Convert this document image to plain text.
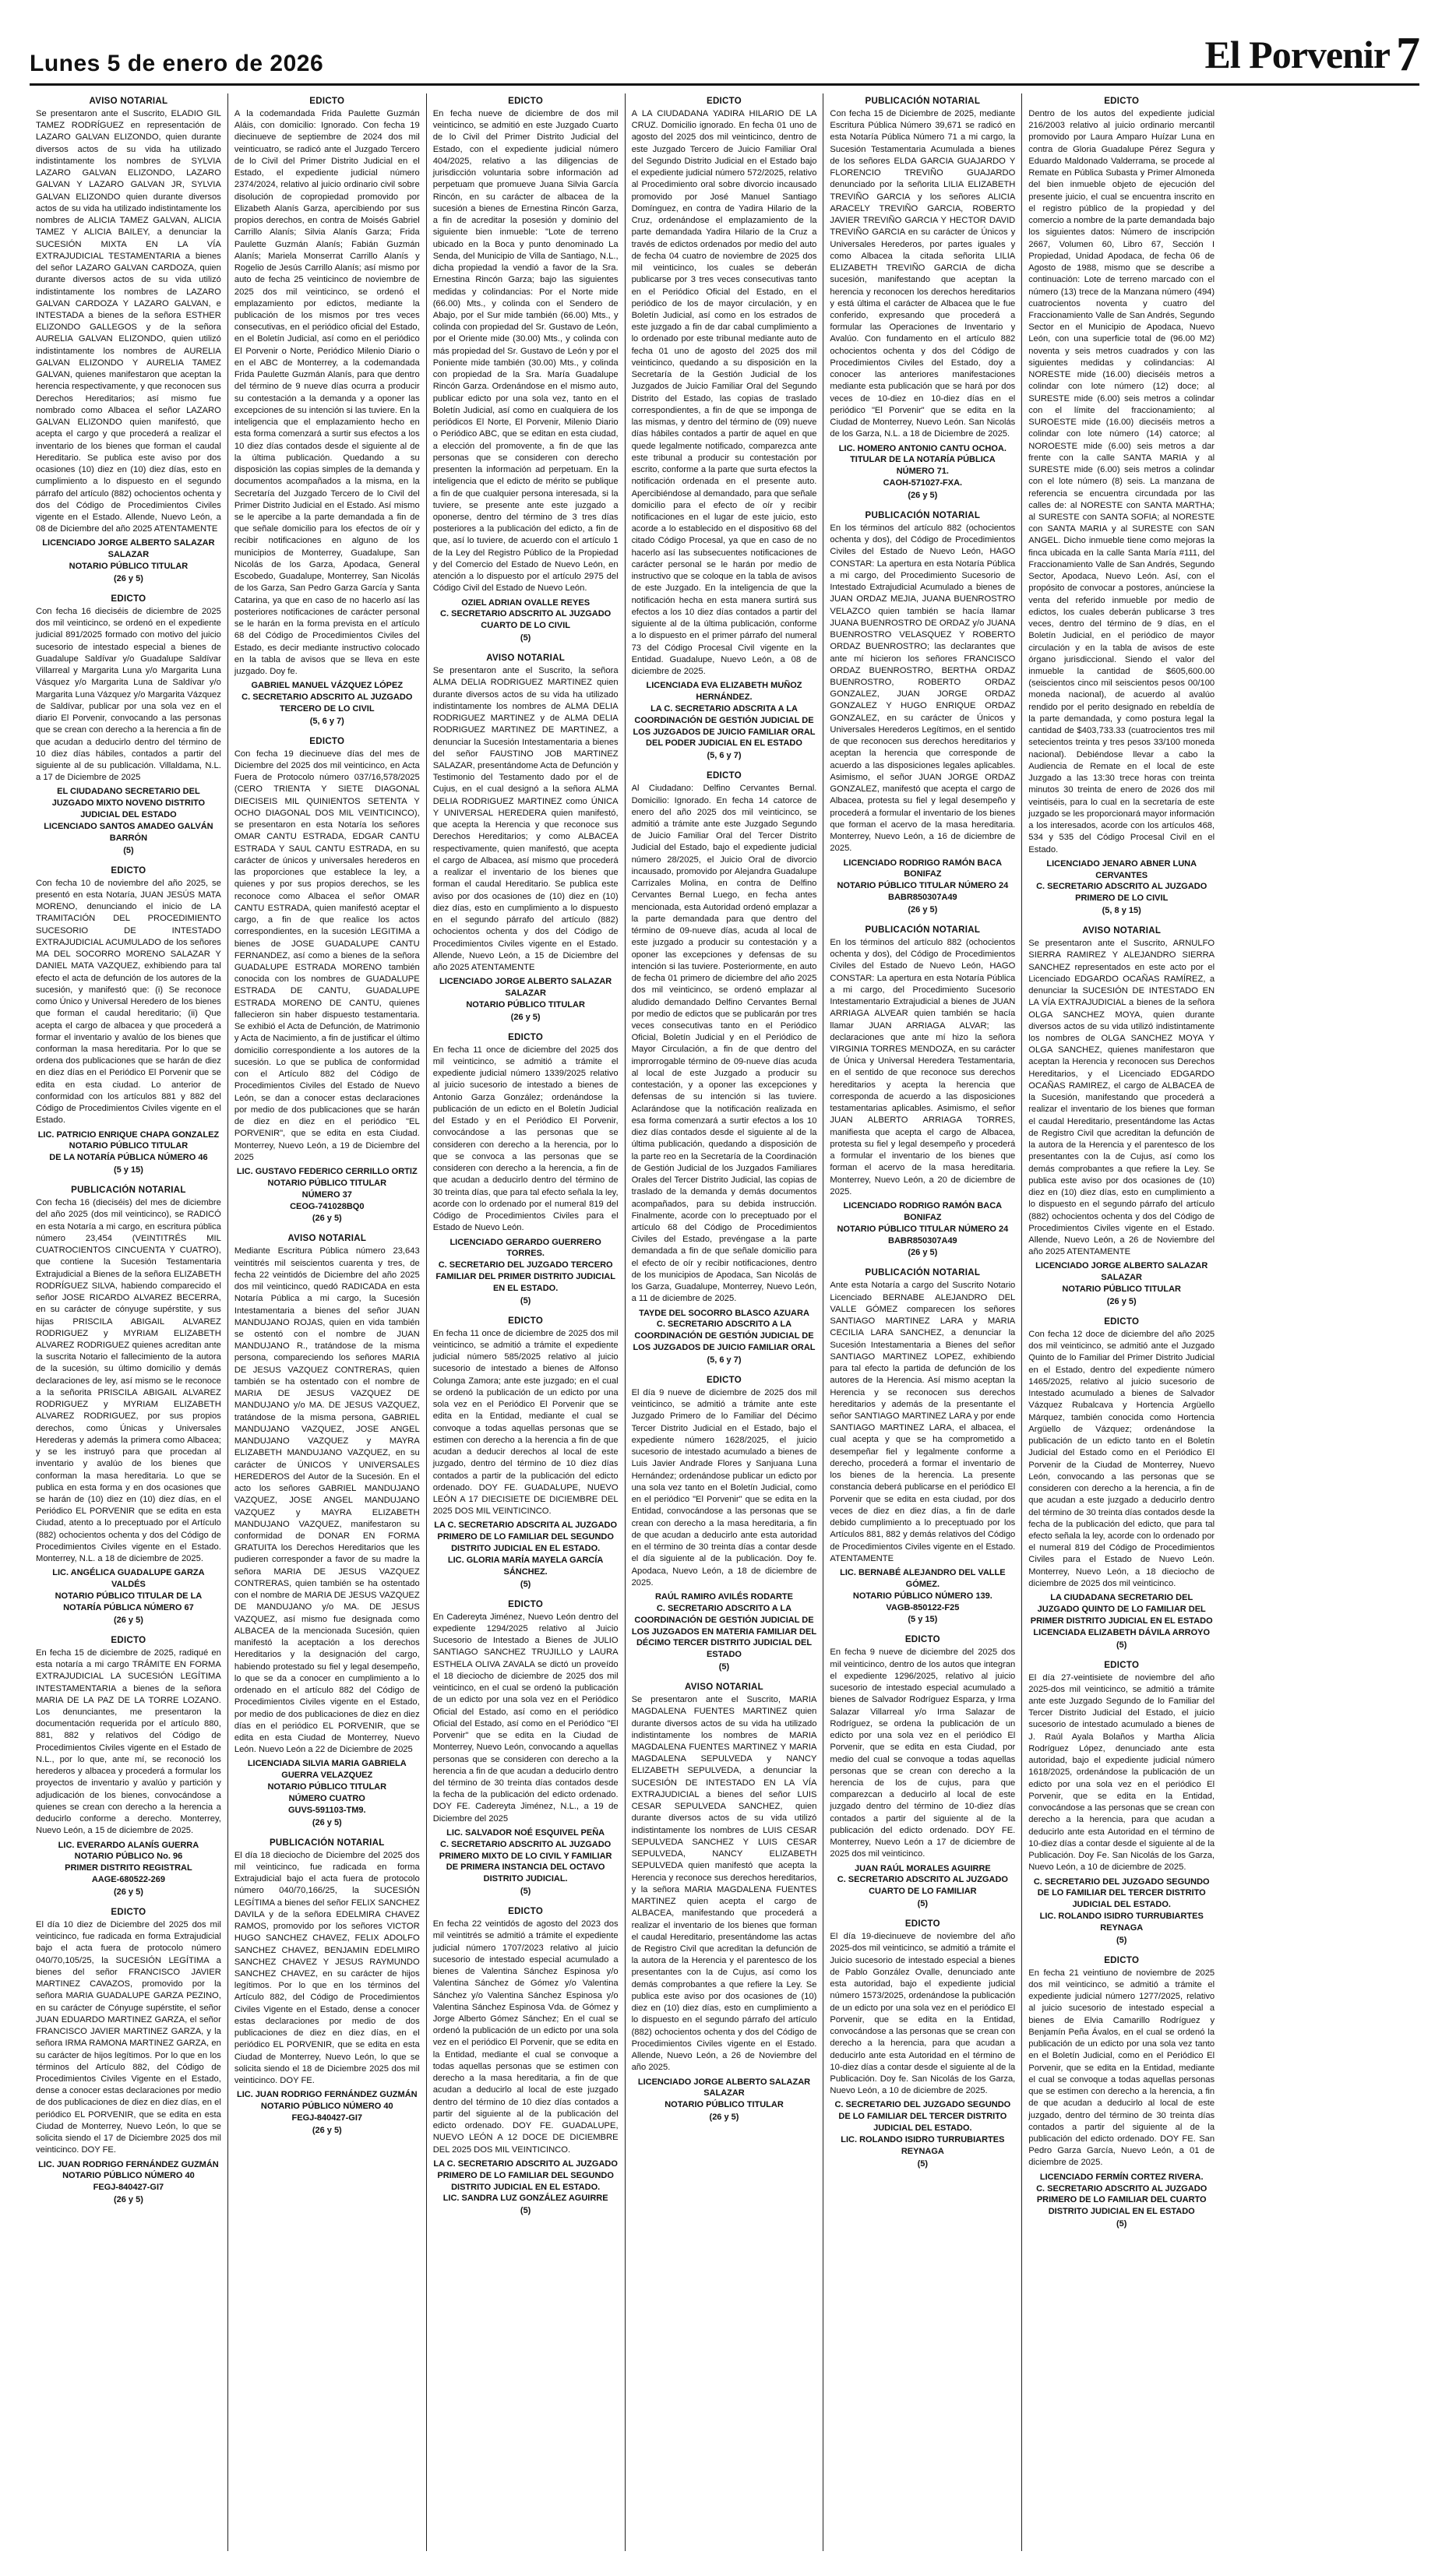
Lunes 5 de enero de 2026	El Porvenir 7
AVISO NOTARIAL

Se presentaron ante el Suscrito, ELADIO GIL TAMEZ RODRÍGUEZ en representación de LAZARO GALVAN ELIZONDO, quien durante diversos actos de su vida ha utilizado indistintamente los nombres de SYLVIA LAZARO GALVAN ELIZONDO, LAZARO GALVAN Y LAZARO GALVAN JR, SYLVIA GALVAN ELIZONDO quien durante diversos actos de su vida ha utilizado indistintamente los nombres de ALICIA TAMEZ GALVAN, ALICIA TAMEZ Y ALICIA BAILEY, a denunciar la SUCESIÓN MIXTA EN LA VÍA EXTRAJUDICIAL TESTAMENTARIA a bienes del señor LAZARO GALVAN CARDOZA, quien durante diversos actos de su vida utilizó indistintamente los nombres de LAZARO GALVAN CARDOZA Y LAZARO GALVAN, e INTESTADA a bienes de la señora ESTHER ELIZONDO GALLEGOS y de la señora AURELIA GALVAN ELIZONDO, quien utilizó indistintamente los nombres de AURELIA GALVAN ELIZONDO Y AURELIA TAMEZ GALVAN, quienes manifestaron que aceptan la herencia respectivamente, y que reconocen sus Derechos Hereditarios; así mismo fue nombrado como Albacea el señor LAZARO GALVAN ELIZONDO quien manifestó, que acepta el cargo y que procederá a realizar el inventario de los bienes que forman el caudal Hereditario. Se publica este aviso por dos ocasiones (10) diez en (10) diez días, esto en cumplimiento a lo dispuesto en el segundo párrafo del artículo (882) ochocientos ochenta y dos del Código de Procedimientos Civiles vigente en el Estado. Allende, Nuevo León, a 08 de Diciembre del año 2025 ATENTAMENTE

LICENCIADO JORGE ALBERTO SALAZAR SALAZAR
NOTARIO PÚBLICO TITULAR
(26 y 5)
EDICTO

Con fecha 16 dieciséis de diciembre de 2025 dos mil veinticinco, se ordenó en el expediente judicial 891/2025 formado con motivo del juicio sucesorio de intestado especial a bienes de Guadalupe Saldívar y/o Guadalupe Saldívar Villarreal y Margarita Luna y/o Margarita Luna Vásquez y/o Margarita Luna de Saldívar y/o Margarita Luna Vázquez y/o Margarita Vázquez de Saldívar, publicar por una sola vez en el diario El Porvenir, convocando a las personas que se crean con derecho a la herencia a fin de que acudan a deducirlo dentro del término de 10 diez días hábiles, contados a partir del siguiente al de su publicación. Villaldama, N.L. a 17 de Diciembre de 2025

EL CIUDADANO SECRETARIO DEL JUZGADO MIXTO NOVENO DISTRITO JUDICIAL DEL ESTADO
LICENCIADO SANTOS AMADEO GALVÁN BARRÓN
(5)
EDICTO

Con fecha 10 de noviembre del año 2025, se presentó en esta Notaría, JUAN JESÚS MATA MORENO, denunciando el inicio de LA TRAMITACIÓN DEL PROCEDIMIENTO SUCESORIO DE INTESTADO EXTRAJUDICIAL ACUMULADO de los señores MA DEL SOCORRO MORENO SALAZAR Y DANIEL MATA VAZQUEZ, exhibiendo para tal efecto el acta de defunción de los autores de la sucesión, y manifestó que: (i) Se reconoce como Único y Universal Heredero de los bienes que forman el caudal hereditario; (ii) Que acepta el cargo de albacea y que procederá a formar el inventario y avalúo de los bienes que conforman la masa hereditaria. Por lo que se ordena dos publicaciones que se harán de diez en diez días en el Periódico El Porvenir que se edita en esta ciudad. Lo anterior de conformidad con los artículos 881 y 882 del Código de Procedimientos Civiles vigente en el Estado.

LIC. PATRICIO ENRIQUE CHAPA GONZALEZ
NOTARIO PÚBLICO TITULAR
DE LA NOTARÍA PÚBLICA NÚMERO 46
(5 y 15)
PUBLICACIÓN NOTARIAL

Con fecha 16 (dieciséis) del mes de diciembre del año 2025 (dos mil veinticinco), se RADICÓ en esta Notaría a mi cargo, en escritura pública número 23,454 (VEINTITRÉS MIL CUATROCIENTOS CINCUENTA Y CUATRO), que contiene la Sucesión Testamentaria Extrajudicial a Bienes de la señora ELIZABETH RODRÍGUEZ SILVA, habiendo comparecido el señor JOSE RICARDO ALVAREZ BECERRA, en su carácter de cónyuge supérstite, y sus hijas PRISCILA ABIGAIL ALVAREZ RODRIGUEZ y MYRIAM ELIZABETH ALVAREZ RODRIGUEZ quienes acreditan ante la suscrita Notario el fallecimiento de la autora de la sucesión, su último domicilio y demás declaraciones de ley, así mismo se le reconoce a la señorita PRISCILA ABIGAIL ALVAREZ RODRIGUEZ y MYRIAM ELIZABETH ALVAREZ RODRIGUEZ, por sus propios derechos, como Únicas y Universales Herederas y además la primera como Albacea; y se les instruyó para que procedan al inventario y avalúo de los bienes que conforman la masa hereditaria. Lo que se publica en esta forma y en dos ocasiones que se harán de (10) diez en (10) diez días, en el Periódico EL PORVENIR que se edita en esta Ciudad, atento a lo preceptuado por el Artículo (882) ochocientos ochenta y dos del Código de Procedimientos Civiles vigente en el Estado. Monterrey, N.L. a 18 de diciembre de 2025.

LIC. ANGÉLICA GUADALUPE GARZA VALDÉS
NOTARIO PÚBLICO TITULAR DE LA NOTARÍA PÚBLICA NÚMERO 67
(26 y 5)
EDICTO

En fecha 15 de diciembre de 2025, radiqué en esta notaría a mi cargo TRÁMITE EN FORMA EXTRAJUDICIAL LA SUCESIÓN LEGÍTIMA INTESTAMENTARIA a bienes de la señora MARIA DE LA PAZ DE LA TORRE LOZANO. Los denunciantes, me presentaron la documentación requerida por el artículo 880, 881, 882 y relativos del Código de Procedimientos Civiles vigente en el Estado de N.L., por lo que, ante mí, se reconoció los herederos y albacea y procederá a formular los proyectos de inventario y avalúo y partición y adjudicación de los bienes, convocándose a quienes se crean con derecho a la herencia a deducirlo conforme a derecho. Monterrey, Nuevo León, a 15 de diciembre de 2025.

LIC. EVERARDO ALANÍS GUERRA
NOTARIO PÚBLICO No. 96
PRIMER DISTRITO REGISTRAL
AAGE-680522-269
(26 y 5)
EDICTO

El día 10 diez de Diciembre del 2025 dos mil veinticinco, fue radicada en forma Extrajudicial bajo el acta fuera de protocolo número 040/70,105/25, la SUCESIÓN LEGÍTIMA a bienes del señor FRANCISCO JAVIER MARTINEZ CAVAZOS, promovido por la señora MARIA GUADALUPE GARZA PEZINO, en su carácter de Cónyuge supérstite, el señor JUAN EDUARDO MARTINEZ GARZA, el señor FRANCISCO JAVIER MARTINEZ GARZA, y la señora IRMA RAMONA MARTINEZ GARZA, en su carácter de hijos legítimos. Por lo que en los términos del Artículo 882, del Código de Procedimientos Civiles Vigente en el Estado, dense a conocer estas declaraciones por medio de dos publicaciones de diez en diez días, en el periódico EL PORVENIR, que se edita en esta Ciudad de Monterrey, Nuevo León, lo que se solicita siendo el 17 de Diciembre 2025 dos mil veinticinco. DOY FE.

LIC. JUAN RODRIGO FERNÁNDEZ GUZMÁN
NOTARIO PÚBLICO NÚMERO 40
FEGJ-840427-GI7
(26 y 5)
EDICTO

A la codemandada Frida Paulette Guzmán Aláis, con domicilio: Ignorado. Con fecha 19 diecinueve de septiembre de 2024 dos mil veinticuatro, se radicó ante el Juzgado Tercero de lo Civil del Primer Distrito Judicial en el Estado, el expediente judicial número 2374/2024, relativo al juicio ordinario civil sobre disolución de copropiedad promovido por Elizabeth Alanís Garza, apercibiendo por sus propios derechos, en contra de Moisés Gabriel Carrillo Alanís; Silvia Alanís Garza; Frida Paulette Guzmán Alanís; Fabián Guzmán Alanís; Mariela Monserrat Carrillo Alanís y Rogelio de Jesús Carrillo Alanís; así mismo por auto de fecha 25 veinticinco de noviembre de 2025 dos mil veinticinco, se ordenó el emplazamiento por edictos, mediante la publicación de los mismos por tres veces consecutivas, en el periódico oficial del Estado, en el Boletín Judicial, así como en el periódico El Porvenir o Norte, Periódico Milenio Diario o en el ABC de Monterrey, a la codemandada Frida Paulette Guzmán Alanís, para que dentro del término de 9 nueve días ocurra a producir su contestación a la demanda y a oponer las excepciones de su intención si las tuviere. En la inteligencia que el emplazamiento hecho en esta forma comenzará a surtir sus efectos a los 10 diez días contados desde el siguiente al de la última publicación. Quedando a su disposición las copias simples de la demanda y documentos acompañados a la misma, en la Secretaría del Juzgado Tercero de lo Civil del Primer Distrito Judicial en el Estado. Así mismo se le apercibe a la parte demandada a fin de que señale domicilio para los efectos de oír y recibir notificaciones en alguno de los municipios de Monterrey, Guadalupe, San Nicolás de los Garza, Apodaca, General Escobedo, Guadalupe, Monterrey, San Nicolás de los Garza, San Pedro Garza García y Santa Catarina, ya que en caso de no hacerlo así las posteriores notificaciones de carácter personal se le harán en la forma prevista en el artículo 68 del Código de Procedimientos Civiles del Estado, es decir mediante instructivo colocado en la tabla de avisos que se lleva en este juzgado. Doy fe.

GABRIEL MANUEL VÁZQUEZ LÓPEZ
C. SECRETARIO ADSCRITO AL JUZGADO TERCERO DE LO CIVIL
(5, 6 y 7)
EDICTO

Con fecha 19 diecinueve días del mes de Diciembre del 2025 dos mil veinticinco, en Acta Fuera de Protocolo número 037/16,578/2025 (CERO TRIENTA Y SIETE DIAGONAL DIECISEIS MIL QUINIENTOS SETENTA Y OCHO DIAGONAL DOS MIL VEINTICINCO), se presentaron en esta Notaría los señores OMAR CANTU ESTRADA, EDGAR CANTU ESTRADA Y SAUL CANTU ESTRADA, en su carácter de únicos y universales herederos en las proporciones que establece la ley, a quienes y por sus propios derechos, se les reconoce como Albacea el señor OMAR CANTU ESTRADA, quien manifestó aceptar el cargo, a fin de que realice los actos correspondientes, en la sucesión LEGITIMA a bienes de JOSE GUADALUPE CANTU FERNANDEZ, así como a bienes de la señora GUADALUPE ESTRADA MORENO también conocida con los nombres de GUADALUPE ESTRADA DE CANTU, GUADALUPE ESTRADA MORENO DE CANTU, quienes fallecieron sin haber dispuesto testamentaria. Se exhibió el Acta de Defunción, de Matrimonio y Acta de Nacimiento, a fin de justificar el último domicilio correspondiente a los autores de la sucesión. Lo que se publica de conformidad con el Artículo 882 del Código de Procedimientos Civiles del Estado de Nuevo León, se dan a conocer estas declaraciones por medio de dos publicaciones que se harán de diez en diez en el periódico "EL PORVENIR", que se edita en esta Ciudad. Monterrey, Nuevo León, a 19 de Diciembre del 2025

LIC. GUSTAVO FEDERICO CERRILLO ORTIZ
NOTARIO PÚBLICO TITULAR
NÚMERO 37
CEOG-741028BQ0
(26 y 5)
AVISO NOTARIAL

Mediante Escritura Pública número 23,643 veintitrés mil seiscientos cuarenta y tres, de fecha 22 veintidós de Diciembre del año 2025 dos mil veinticinco, quedó RADICADA en esta Notaría Pública a mi cargo, la Sucesión Intestamentaria a bienes del señor JUAN MANDUJANO ROJAS, quien en vida también se ostentó con el nombre de JUAN MANDUJANO R., tratándose de la misma persona, compareciendo los señores MARIA DE JESUS VAZQUEZ CONTRERAS, quien también se ha ostentado con el nombre de MARIA DE JESUS VAZQUEZ DE MANDUJANO y/o MA. DE JESUS VAZQUEZ, tratándose de la misma persona, GABRIEL MANDUJANO VAZQUEZ, JOSE ANGEL MANDUJANO VAZQUEZ y MAYRA ELIZABETH MANDUJANO VAZQUEZ, en su carácter de ÚNICOS Y UNIVERSALES HEREDEROS del Autor de la Sucesión. En el acto los señores GABRIEL MANDUJANO VAZQUEZ, JOSE ANGEL MANDUJANO VAZQUEZ y MAYRA ELIZABETH MANDUJANO VAZQUEZ, manifestaron su conformidad de DONAR EN FORMA GRATUITA los Derechos Hereditarios que les pudieren corresponder a favor de su madre la señora MARIA DE JESUS VAZQUEZ CONTRERAS, quien también se ha ostentado con el nombre de MARIA DE JESUS VAZQUEZ DE MANDUJANO y/o MA. DE JESUS VAZQUEZ, así mismo fue designada como ALBACEA de la mencionada Sucesión, quien manifestó la aceptación a los derechos Hereditarios y la designación del cargo, habiendo protestado su fiel y legal desempeño, lo que se da a conocer en cumplimiento a lo ordenado en el artículo 882 del Código de Procedimientos Civiles vigente en el Estado, por medio de dos publicaciones de diez en diez días en el periódico EL PORVENIR, que se edita en esta Ciudad de Monterrey, Nuevo León. Nuevo León a 22 de Diciembre de 2025

LICENCIADA SILVIA MARIA GABRIELA GUERRA VELAZQUEZ
NOTARIO PÚBLICO TITULAR
NÚMERO CUATRO
GUVS-591103-TM9.
(26 y 5)
PUBLICACIÓN NOTARIAL

El día 18 dieciocho de Diciembre del 2025 dos mil veinticinco, fue radicada en forma Extrajudicial bajo el acta fuera de protocolo número 040/70,166/25, la SUCESIÓN LEGÍTIMA a bienes del señor FELIX SANCHEZ DAVILA y de la señora EDELMIRA CHAVEZ RAMOS, promovido por los señores VICTOR HUGO SANCHEZ CHAVEZ, FELIX ADOLFO SANCHEZ CHAVEZ, BENJAMIN EDELMIRO SANCHEZ CHAVEZ Y JESUS RAYMUNDO SANCHEZ CHAVEZ, en su carácter de hijos legítimos. Por lo que en los términos del Artículo 882, del Código de Procedimientos Civiles Vigente en el Estado, dense a conocer estas declaraciones por medio de dos publicaciones de diez en diez días, en el periódico EL PORVENIR, que se edita en esta Ciudad de Monterrey, Nuevo León, lo que se solicita siendo el 18 de Diciembre 2025 dos mil veinticinco. DOY FE.

LIC. JUAN RODRIGO FERNÁNDEZ GUZMÁN
NOTARIO PÚBLICO NÚMERO 40
FEGJ-840427-GI7
(26 y 5)
EDICTO

En fecha nueve de diciembre de dos mil veinticinco, se admitió en este Juzgado Cuarto de lo Civil del Primer Distrito Judicial del Estado, con el expediente judicial número 404/2025, relativo a las diligencias de jurisdicción voluntaria sobre información ad perpetuam que promueve Juana Silvia García Rincón, en su carácter de albacea de la sucesión a bienes de Ernestina Rincón Garza, a fin de acreditar la posesión y dominio del siguiente bien inmueble: "Lote de terreno ubicado en la Boca y punto denominado La Senda, del Municipio de Villa de Santiago, N.L., dicha propiedad la vendió a favor de la Sra. Ernestina Rincón Garza; bajo las siguientes medidas y colindancias: Por el Norte mide (66.00) Mts., y colinda con el Sendero de Abajo, por el Sur mide también (66.00) Mts., y colinda con propiedad del Sr. Gustavo de León, por el Oriente mide (30.00) Mts., y colinda con más propiedad del Sr. Gustavo de León y por el Poniente mide también (30.00) Mts., y colinda con propiedad de la Sra. María Guadalupe Rincón Garza. Ordenándose en el mismo auto, publicar edicto por una sola vez, tanto en el Boletín Judicial, así como en cualquiera de los periódicos El Norte, El Porvenir, Milenio Diario o Periódico ABC, que se editan en esta ciudad, a elección del promovente, a fin de que las personas que se consideren con derecho presenten la información ad perpetuam. En la inteligencia que el edicto de mérito se publique a fin de que cualquier persona interesada, si la tuviere, se presente ante este juzgado a oponerse, dentro del término de 3 tres días posteriores a la publicación del edicto, a fin de que, así lo tuviere, de acuerdo con el artículo 1 de la Ley del Registro Público de la Propiedad y del Comercio del Estado de Nuevo León, en atención a lo dispuesto por el artículo 2975 del Código Civil del Estado de Nuevo León.

OZIEL ADRIAN OVALLE REYES
C. SECRETARIO ADSCRITO AL JUZGADO CUARTO DE LO CIVIL
(5)
AVISO NOTARIAL

Se presentaron ante el Suscrito, la señora ALMA DELIA RODRIGUEZ MARTINEZ quien durante diversos actos de su vida ha utilizado indistintamente los nombres de ALMA DELIA RODRIGUEZ MARTINEZ y de ALMA DELIA RODRIGUEZ MARTINEZ DE MARTINEZ, a denunciar la Sucesión Intestamentaria a bienes del señor FAUSTINO JOB MARTINEZ SALAZAR, presentándome Acta de Defunción y Testimonio del Testamento dado por el de Cujus, en el cual designó a la señora ALMA DELIA RODRIGUEZ MARTINEZ como ÚNICA Y UNIVERSAL HEREDERA quien manifestó, que acepta la Herencia y que reconoce sus Derechos Hereditarios; y como ALBACEA respectivamente, quien manifestó, que acepta el cargo de Albacea, así mismo que procederá a realizar el inventario de los bienes que forman el caudal Hereditario. Se publica este aviso por dos ocasiones de (10) diez en (10) diez días, esto en cumplimiento a lo dispuesto en el segundo párrafo del artículo (882) ochocientos ochenta y dos del Código de Procedimientos Civiles vigente en el Estado. Allende, Nuevo León, a 15 de Diciembre del año 2025 ATENTAMENTE

LICENCIADO JORGE ALBERTO SALAZAR SALAZAR
NOTARIO PÚBLICO TITULAR
(26 y 5)
EDICTO

En fecha 11 once de diciembre del 2025 dos mil veinticinco, se admitió a trámite el expediente judicial número 1339/2025 relativo al juicio sucesorio de intestado a bienes de Antonio Garza González; ordenándose la publicación de un edicto en el Boletín Judicial del Estado y en el Periódico El Porvenir, convocándose a las personas que se consideren con derecho a la herencia, por lo que se convoca a las personas que se consideren con derecho a la herencia, a fin de que acudan a deducirlo dentro del término de 30 treinta días, que para tal efecto señala la ley, acorde con lo ordenado por el numeral 819 del Código de Procedimientos Civiles para el Estado de Nuevo León.

LICENCIADO GERARDO GUERRERO TORRES.
C. SECRETARIO DEL JUZGADO TERCERO FAMILIAR DEL PRIMER DISTRITO JUDICIAL EN EL ESTADO.
(5)
EDICTO

En fecha 11 once de diciembre de 2025 dos mil veinticinco, se admitió a trámite el expediente judicial número 585/2025 relativo al juicio sucesorio de intestado a bienes de Alfonso Colunga Zamora; ante este juzgado; en el cual se ordenó la publicación de un edicto por una sola vez en el Periódico El Porvenir que se edita en la Entidad, mediante el cual se convoque a todas aquellas personas que se estimen con derecho a la herencia a fin de que acudan a deducir derechos al local de este juzgado, dentro del término de 10 diez días contados a partir de la publicación del edicto ordenado. DOY FE. GUADALUPE, NUEVO LEÓN A 17 DIECISIETE DE DICIEMBRE DEL 2025 DOS MIL VEINTICINCO.

LA C. SECRETARIO ADSCRITA AL JUZGADO PRIMERO DE LO FAMILIAR DEL SEGUNDO DISTRITO JUDICIAL EN EL ESTADO.
LIC. GLORIA MARÍA MAYELA GARCÍA SÁNCHEZ.
(5)
EDICTO

En Cadereyta Jiménez, Nuevo León dentro del expediente 1294/2025 relativo al Juicio Sucesorio de Intestado a Bienes de JULIO SANTIAGO SANCHEZ TRUJILLO y LAURA ESTHELA OLIVA ZAVALA se dictó un proveído el 18 dieciocho de diciembre de 2025 dos mil veinticinco, en el cual se ordenó la publicación de un edicto por una sola vez en el Periódico Oficial del Estado, así como en el periódico Oficial del Estado, así como en el Periódico "El Porvenir" que se edita en la Ciudad de Monterrey, Nuevo León, convocando a aquellas personas que se consideren con derecho a la herencia a fin de que acudan a deducirlo dentro del término de 30 treinta días contados desde la fecha de la publicación del edicto ordenado. DOY FE. Cadereyta Jiménez, N.L., a 19 de Diciembre del 2025

LIC. SALVADOR NOÉ ESQUIVEL PEÑA
C. SECRETARIO ADSCRITO AL JUZGADO PRIMERO MIXTO DE LO CIVIL Y FAMILIAR DE PRIMERA INSTANCIA DEL OCTAVO DISTRITO JUDICIAL.
(5)
EDICTO

En fecha 22 veintidós de agosto del 2023 dos mil veintitrés se admitió a trámite el expediente judicial número 1707/2023 relativo al juicio sucesorio de intestado especial acumulado a bienes de Valentina Sánchez Espinosa y/o Valentina Sánchez de Gómez y/o Valentina Sánchez y/o Valentina Sánchez Espinosa y/o Valentina Sánchez Espinosa Vda. de Gómez y Jorge Alberto Gómez Sánchez; En el cual se ordenó la publicación de un edicto por una sola vez en el periódico El Porvenir, que se edita en la Entidad, mediante el cual se convoque a todas aquellas personas que se estimen con derecho a la masa hereditaria, a fin de que acudan a deducirlo al local de este juzgado dentro del término de 10 diez días contados a partir del siguiente al de la publicación del edicto ordenado. DOY FE. GUADALUPE, NUEVO LEÓN A 12 DOCE DE DICIEMBRE DEL 2025 DOS MIL VEINTICINCO.

LA C. SECRETARIO ADSCRITO AL JUZGADO PRIMERO DE LO FAMILIAR DEL SEGUNDO DISTRITO JUDICIAL EN EL ESTADO.
LIC. SANDRA LUZ GONZÁLEZ AGUIRRE
(5)
EDICTO

A LA CIUDADANA YADIRA HILARIO DE LA CRUZ. Domicilio ignorado. En fecha 01 uno de agosto del 2025 dos mil veinticinco, dentro de este Juzgado Tercero de Juicio Familiar Oral del Segundo Distrito Judicial en el Estado bajo el expediente judicial número 572/2025, relativo al Procedimiento oral sobre divorcio incausado promovido por José Manuel Santiago Domínguez, en contra de Yadira Hilario de la Cruz, ordenándose el emplazamiento de la parte demandada Yadira Hilario de la Cruz a través de edictos ordenados por medio del auto de fecha 04 cuatro de noviembre de 2025 dos mil veinticinco, los cuales se deberán publicarse por 3 tres veces consecutivas tanto en el Periódico Oficial del Estado, en el periódico de los de mayor circulación, y en Boletín Judicial, así como en los estrados de este juzgado a fin de dar cabal cumplimiento a lo ordenado por este tribunal mediante auto de fecha 01 uno de agosto del 2025 dos mil veinticinco, quedando a su disposición en la Secretaría de la Gestión Judicial de los Juzgados de Juicio Familiar Oral del Segundo Distrito del Estado, las copias de traslado correspondientes, a fin de que se imponga de las mismas, y dentro del término de (09) nueve días hábiles contados a partir de aquel en que quede legalmente notificado, comparezca ante este tribunal a producir su contestación por escrito, conforme a la parte que surta efectos la notificación ordenada en el presente auto. Apercibiéndose al demandado, para que señale domicilio para el efecto de oír y recibir notificaciones en el lugar de este juicio, esto acorde a lo establecido en el dispositivo 68 del citado Código Procesal, ya que en caso de no hacerlo así las subsecuentes notificaciones de carácter personal se le harán por medio de instructivo que se coloque en la tabla de avisos de este Juzgado. En la inteligencia de que la notificación hecha en esta manera surtirá sus efectos a los 10 diez días contados a partir del siguiente al de la última publicación, conforme a lo dispuesto en el primer párrafo del numeral 73 del Código Procesal Civil vigente en la Entidad. Guadalupe, Nuevo León, a 08 de diciembre de 2025.

LICENCIADA EVA ELIZABETH MUÑOZ HERNÁNDEZ.
LA C. SECRETARIO ADSCRITA A LA COORDINACIÓN DE GESTIÓN JUDICIAL DE LOS JUZGADOS DE JUICIO FAMILIAR ORAL DEL PODER JUDICIAL EN EL ESTADO
(5, 6 y 7)
EDICTO

Al Ciudadano: Delfino Cervantes Bernal. Domicilio: Ignorado. En fecha 14 catorce de enero del año 2025 dos mil veinticinco, se admitió a trámite ante este Juzgado Segundo de Juicio Familiar Oral del Tercer Distrito Judicial del Estado, bajo el expediente judicial número 28/2025, el Juicio Oral de divorcio incausado, promovido por Alejandra Guadalupe Carrizales Molina, en contra de Delfino Cervantes Bernal Luego, en fecha antes mencionada, esta Autoridad ordenó emplazar a la parte demandada para que dentro del término de 09-nueve días, acuda al local de este juzgado a producir su contestación y a oponer las excepciones y defensas de su intención si las tuviere. Posteriormente, en auto de fecha 01 primero de diciembre del año 2025 dos mil veinticinco, se ordenó emplazar al aludido demandado Delfino Cervantes Bernal por medio de edictos que se publicarán por tres veces consecutivas tanto en el Periódico Oficial, Boletín Judicial y en el Periódico de Mayor Circulación, a fin de que dentro del improrrogable término de 09-nueve días acuda al local de este Juzgado a producir su contestación, y a oponer las excepciones y defensas de su intención si las tuviere. Aclarándose que la notificación realizada en esa forma comenzará a surtir efectos a los 10 diez días contados desde el siguiente al de la última publicación, quedando a disposición de la parte reo en la Secretaría de la Coordinación de Gestión Judicial de los Juzgados Familiares Orales del Tercer Distrito Judicial, las copias de traslado de la demanda y demás documentos acompañados, para su debida instrucción. Finalmente, acorde con lo preceptuado por el artículo 68 del Código de Procedimientos Civiles del Estado, prevéngase a la parte demandada a fin de que señale domicilio para el efecto de oír y recibir notificaciones, dentro de los municipios de Apodaca, San Nicolás de los Garza, Guadalupe, Monterrey, Nuevo León, a 11 de diciembre de 2025.

TAYDE DEL SOCORRO BLASCO AZUARA
C. SECRETARIO ADSCRITO A LA COORDINACIÓN DE GESTIÓN JUDICIAL DE LOS JUZGADOS DE JUICIO FAMILIAR ORAL
(5, 6 y 7)
EDICTO

El día 9 nueve de diciembre de 2025 dos mil veinticinco, se admitió a trámite ante este Juzgado Primero de lo Familiar del Décimo Tercer Distrito Judicial en el Estado, bajo el expediente número 1628/2025, el juicio sucesorio de intestado acumulado a bienes de Luis Javier Andrade Flores y Sanjuana Luna Hernández; ordenándose publicar un edicto por una sola vez tanto en el Boletín Judicial, como en el periódico "El Porvenir" que se edita en la Entidad, convocándose a las personas que se crean con derecho a la masa hereditaria, a fin de que acudan a deducirlo ante esta autoridad en el término de 30 treinta días a contar desde el día siguiente al de la publicación. Doy fe. Apodaca, Nuevo León, a 18 de diciembre de 2025.

RAÚL RAMIRO AVILÉS RODARTE
C. SECRETARIO ADSCRITO A LA COORDINACIÓN DE GESTIÓN JUDICIAL DE LOS JUZGADOS EN MATERIA FAMILIAR DEL DÉCIMO TERCER DISTRITO JUDICIAL DEL ESTADO
(5)
AVISO NOTARIAL

Se presentaron ante el Suscrito, MARIA MAGDALENA FUENTES MARTINEZ quien durante diversos actos de su vida ha utilizado indistintamente los nombres de MARIA MAGDALENA FUENTES MARTINEZ Y MARIA MAGDALENA SEPULVEDA y NANCY ELIZABETH SEPULVEDA, a denunciar la SUCESIÓN DE INTESTADO EN LA VÍA EXTRAJUDICIAL a bienes del señor LUIS CESAR SEPULVEDA SANCHEZ, quien durante diversos actos de su vida utilizó indistintamente los nombres de LUIS CESAR SEPULVEDA SANCHEZ Y LUIS CESAR SEPULVEDA, NANCY ELIZABETH SEPULVEDA quien manifestó que acepta la Herencia y reconoce sus derechos hereditarios, y la señora MARIA MAGDALENA FUENTES MARTINEZ quien acepta el cargo de ALBACEA, manifestando que procederá a realizar el inventario de los bienes que forman el caudal Hereditario, presentándome las actas de Registro Civil que acreditan la defunción de la autora de la Herencia y el parentesco de los presentantes con la de Cujus, así como los demás comprobantes a que refiere la Ley. Se publica este aviso por dos ocasiones de (10) diez en (10) diez días, esto en cumplimiento a lo dispuesto en el segundo párrafo del artículo (882) ochocientos ochenta y dos del Código de Procedimientos Civiles vigente en el Estado. Allende, Nuevo León, a 26 de Noviembre del año 2025.

LICENCIADO JORGE ALBERTO SALAZAR SALAZAR
NOTARIO PÚBLICO TITULAR
(26 y 5)
PUBLICACIÓN NOTARIAL

Con fecha 15 de Diciembre de 2025, mediante Escritura Pública Número 39,671 se radicó en esta Notaría Pública Número 71 a mi cargo, la Sucesión Testamentaria Acumulada a bienes de los señores ELDA GARCIA GUAJARDO Y FLORENCIO TREVIÑO GUAJARDO denunciado por la señorita LILIA ELIZABETH TREVIÑO GARCIA y los señores ALICIA ARACELY TREVIÑO GARCIA, ROBERTO JAVIER TREVIÑO GARCIA Y HECTOR DAVID TREVIÑO GARCIA en su carácter de Únicos y Universales Herederos, por partes iguales y como Albacea la citada señorita LILIA ELIZABETH TREVIÑO GARCIA de dicha sucesión, manifestando que aceptan la herencia y reconocen los derechos hereditarios y está última el carácter de Albacea que le fue conferido, expresando que procederá a formular las Operaciones de Inventario y Avalúo. Con fundamento en el artículo 882 ochocientos ochenta y dos del Código de Procedimientos Civiles del Estado, doy a conocer las anteriores manifestaciones mediante esta publicación que se hará por dos veces de 10-diez en 10-diez días en el periódico "El Porvenir" que se edita en la Ciudad de Monterrey, Nuevo León. San Nicolás de los Garza, N.L. a 18 de Diciembre de 2025.

LIC. HOMERO ANTONIO CANTU OCHOA.
TITULAR DE LA NOTARÍA PÚBLICA NÚMERO 71.
CAOH-571027-FXA.
(26 y 5)
PUBLICACIÓN NOTARIAL

En los términos del artículo 882 (ochocientos ochenta y dos), del Código de Procedimientos Civiles del Estado de Nuevo León, HAGO CONSTAR: La apertura en esta Notaría Pública a mi cargo, del Procedimiento Sucesorio de Intestado Extrajudicial Acumulado a bienes de JUAN ORDAZ MEJIA, JUANA BUENROSTRO VELAZCO quien también se hacía llamar JUANA BUENROSTRO DE ORDAZ y/o JUANA BUENROSTRO VELASQUEZ Y ROBERTO ORDAZ BUENROSTRO; las declarantes que ante mí hicieron los señores FRANCISCO ORDAZ BUENROSTRO, BERTHA ORDAZ BUENROSTRO, ROBERTO ORDAZ GONZALEZ, JUAN JORGE ORDAZ GONZALEZ Y HUGO ENRIQUE ORDAZ GONZALEZ, en su carácter de Únicos y Universales Herederos Legítimos, en el sentido de que reconocen sus derechos hereditarios y aceptan la herencia que corresponde de acuerdo a las disposiciones legales aplicables. Asimismo, el señor JUAN JORGE ORDAZ GONZALEZ, manifestó que acepta el cargo de Albacea, protesta su fiel y legal desempeño y procederá a formular el inventario de los bienes que forman el acervo de la masa hereditaria. Monterrey, Nuevo León, a 16 de diciembre de 2025.

LICENCIADO RODRIGO RAMÓN BACA BONIFAZ
NOTARIO PÚBLICO TITULAR NÚMERO 24
BABR850307A49
(26 y 5)
PUBLICACIÓN NOTARIAL

En los términos del artículo 882 (ochocientos ochenta y dos), del Código de Procedimientos Civiles del Estado de Nuevo León, HAGO CONSTAR: La apertura en esta Notaría Pública a mi cargo, del Procedimiento Sucesorio Intestamentario Extrajudicial a bienes de JUAN ARRIAGA ALVEAR quien también se hacía llamar JUAN ARRIAGA ALVAR; las declaraciones que ante mí hizo la señora VIRGINIA TORRES MENDOZA, en su carácter de Única y Universal Heredera Testamentaria, en el sentido de que reconoce sus derechos hereditarios y acepta la herencia que corresponda de acuerdo a las disposiciones testamentarias aplicables. Asimismo, el señor JUAN ALBERTO ARRIAGA TORRES, manifiesta que acepta el cargo de Albacea, protesta su fiel y legal desempeño y procederá a formular el inventario de los bienes que forman el acervo de la masa hereditaria. Monterrey, Nuevo León, a 20 de diciembre de 2025.

LICENCIADO RODRIGO RAMÓN BACA BONIFAZ
NOTARIO PÚBLICO TITULAR NÚMERO 24
BABR850307A49
(26 y 5)
PUBLICACIÓN NOTARIAL

Ante esta Notaría a cargo del Suscrito Notario Licenciado BERNABE ALEJANDRO DEL VALLE GÓMEZ comparecen los señores SANTIAGO MARTINEZ LARA y MARIA CECILIA LARA SANCHEZ, a denunciar la Sucesión Intestamentaria a Bienes del señor SANTIAGO MARTINEZ LOPEZ, exhibiendo para tal efecto la partida de defunción de los autores de la Herencia. Así mismo aceptan la Herencia y se reconocen sus derechos hereditarios y además de la presentante el señor SANTIAGO MARTINEZ LARA y por ende SANTIAGO MARTINEZ LARA, el albacea, el cual acepta y que se ha comprometido a desempeñar fiel y legalmente conforme a derecho, procederá a formar el inventario de los bienes de la herencia. La presente constancia deberá publicarse en el periódico El Porvenir que se edita en esta ciudad, por dos veces de diez en diez días, a fin de darle debido cumplimiento a lo preceptuado por los Artículos 881, 882 y demás relativos del Código de Procedimientos Civiles vigente en el Estado. ATENTAMENTE

LIC. BERNABÉ ALEJANDRO DEL VALLE GÓMEZ.
NOTARIO PÚBLICO NÚMERO 139.
VAGB-850122-F25
(5 y 15)
EDICTO

En fecha 9 nueve de diciembre del 2025 dos mil veinticinco, dentro de los autos que integran el expediente 1296/2025, relativo al juicio sucesorio de intestado especial acumulado a bienes de Salvador Rodríguez Esparza, y Irma Salazar Villarreal y/o Irma Salazar de Rodríguez, se ordena la publicación de un edicto por una sola vez en el periódico El Porvenir, que se edita en esta Ciudad, por medio del cual se convoque a todas aquellas personas que se crean con derecho a la herencia de los de cujus, para que comparezcan a deducirlo al local de este juzgado dentro del término de 10-diez días contados a partir del siguiente al de la publicación del edicto ordenado. DOY FE. Monterrey, Nuevo León a 17 de diciembre de 2025 dos mil veinticinco.

JUAN RAÚL MORALES AGUIRRE
C. SECRETARIO ADSCRITO AL JUZGADO CUARTO DE LO FAMILIAR
(5)
EDICTO

El día 19-diecinueve de noviembre del año 2025-dos mil veinticinco, se admitió a trámite el Juicio sucesorio de intestado especial a bienes de Pablo González Ovalle, denunciado ante esta autoridad, bajo el expediente judicial número 1573/2025, ordenándose la publicación de un edicto por una sola vez en el periódico El Porvenir, que se edita en la Entidad, convocándose a las personas que se crean con derecho a la herencia, para que acudan a deducirlo ante esta Autoridad en el término de 10-diez días a contar desde el siguiente al de la Publicación. Doy fe. San Nicolás de los Garza, Nuevo León, a 10 de diciembre de 2025.

C. SECRETARIO DEL JUZGADO SEGUNDO DE LO FAMILIAR DEL TERCER DISTRITO JUDICIAL DEL ESTADO.
LIC. ROLANDO ISIDRO TURRUBIARTES REYNAGA
(5)
EDICTO

Dentro de los autos del expediente judicial 216/2003 relativo al juicio ordinario mercantil promovido por Laura Amparo Huízar Luna en contra de Gloria Guadalupe Pérez Segura y Eduardo Maldonado Valderrama, se procede al Remate en Pública Subasta y Primer Almoneda del bien inmueble objeto de ejecución del presente juicio, el cual se encuentra inscrito en el registro público de la propiedad y del comercio a nombre de la parte demandada bajo los siguientes datos: Número de inscripción 2667, Volumen 60, Libro 67, Sección I Propiedad, Unidad Apodaca, de fecha 06 de Agosto de 1988, mismo que se describe a continuación: Lote de terreno marcado con el número (13) trece de la Manzana número (494) cuatrocientos noventa y cuatro del Fraccionamiento Valle de San Andrés, Segundo Sector en el Municipio de Apodaca, Nuevo León, con una superficie total de (96.00 M2) noventa y seis metros cuadrados y con las siguientes medidas y colindancias: Al NORESTE mide (16.00) dieciséis metros a colindar con lote número (12) doce; al SURESTE mide (6.00) seis metros a colindar con el límite del fraccionamiento; al SUROESTE mide (16.00) dieciséis metros a colindar con lote número (14) catorce; al NOROESTE mide (6.00) seis metros a dar frente con la calle SANTA MARIA y al SURESTE mide (6.00) seis metros a colindar con el lote número (8) seis. La manzana de referencia se encuentra circundada por las calles de: al NORESTE con SANTA MARTHA; al SURESTE con SANTA SOFIA; al NORESTE con SANTA MARIA y al SURESTE con SAN ANGEL. Dicho inmueble tiene como mejoras la finca ubicada en la calle Santa María #111, del Fraccionamiento Valle de San Andrés, Segundo Sector, Apodaca, Nuevo León. Así, con el propósito de convocar a postores, anúnciese la venta del referido inmueble por medio de edictos, los cuales deberán publicarse 3 tres veces, dentro del término de 9 días, en el Boletín Judicial, en el periódico de mayor circulación y en la tabla de avisos de este órgano jurisdiccional. Siendo el valor del inmueble la cantidad de $605,600.00 (seiscientos cinco mil seiscientos pesos 00/100 moneda nacional), de acuerdo al avalúo rendido por el perito designado en rebeldía de la parte demandada, y como postura legal la cantidad de $403,733.33 (cuatrocientos tres mil setecientos treinta y tres pesos 33/100 moneda nacional). Debiéndose llevar a cabo la Audiencia de Remate en el local de este Juzgado a las 13:30 trece horas con treinta minutos 30 treinta de enero de 2026 dos mil veintiséis, para lo cual en la secretaría de este juzgado se les proporcionará mayor información a los interesados, acorde con los artículos 468, 534 y 535 del Código Procesal Civil en el Estado.

LICENCIADO JENARO ABNER LUNA CERVANTES
C. SECRETARIO ADSCRITO AL JUZGADO PRIMERO DE LO CIVIL
(5, 8 y 15)
AVISO NOTARIAL

Se presentaron ante el Suscrito, ARNULFO SIERRA RAMIREZ Y ALEJANDRO SIERRA SANCHEZ representados en este acto por el Licenciado EDGARDO OCAÑAS RAMÍREZ, a denunciar la SUCESIÓN DE INTESTADO EN LA VÍA EXTRAJUDICIAL a bienes de la señora OLGA SANCHEZ MOYA, quien durante diversos actos de su vida utilizó indistintamente los nombres de OLGA SANCHEZ MOYA Y OLGA SANCHEZ, quienes manifestaron que aceptan la Herencia y reconocen sus Derechos Hereditarios, y el Licenciado EDGARDO OCAÑAS RAMIREZ, el cargo de ALBACEA de la Sucesión, manifestando que procederá a realizar el inventario de los bienes que forman el caudal Hereditario, presentándome las Actas de Registro Civil que acreditan la defunción de la autora de la Herencia y el parentesco de los presentantes con la de Cujus, así como los demás comprobantes a que refiere la Ley. Se publica este aviso por dos ocasiones de (10) diez en (10) diez días, esto en cumplimiento a lo dispuesto en el segundo párrafo del artículo (882) ochocientos ochenta y dos del Código de Procedimientos Civiles vigente en el Estado. Allende, Nuevo León, a 26 de Noviembre del año 2025 ATENTAMENTE

LICENCIADO JORGE ALBERTO SALAZAR SALAZAR
NOTARIO PÚBLICO TITULAR
(26 y 5)
EDICTO

Con fecha 12 doce de diciembre del año 2025 dos mil veinticinco, se admitió ante el Juzgado Quinto de lo Familiar del Primer Distrito Judicial en el Estado, dentro del expediente número 1465/2025, relativo al juicio sucesorio de Intestado acumulado a bienes de Salvador Vázquez Rubalcava y Hortencia Argüello Márquez, también conocida como Hortencia Argüello de Vázquez; ordenándose la publicación de un edicto tanto en el Boletín Judicial del Estado como en el Periódico El Porvenir de la Ciudad de Monterrey, Nuevo León, convocando a las personas que se consideren con derecho a la herencia, a fin de que acudan a este juzgado a deducirlo dentro del término de 30 treinta días contados desde la fecha de la publicación del edicto, que para tal efecto señala la ley, acorde con lo ordenado por el numeral 819 del Código de Procedimientos Civiles para el Estado de Nuevo León. Monterrey, Nuevo León, a 18 dieciocho de diciembre de 2025 dos mil veinticinco.

LA CIUDADANA SECRETARIO DEL JUZGADO QUINTO DE LO FAMILIAR DEL PRIMER DISTRITO JUDICIAL EN EL ESTADO
LICENCIADA ELIZABETH DÁVILA ARROYO
(5)
EDICTO

El día 27-veintisiete de noviembre del año 2025-dos mil veinticinco, se admitió a trámite ante este Juzgado Segundo de lo Familiar del Tercer Distrito Judicial del Estado, el juicio sucesorio de intestado acumulado a bienes de J. Raúl Ayala Bolaños y Martha Alicia Rodríguez López, denunciado ante esta autoridad, bajo el expediente judicial número 1618/2025, ordenándose la publicación de un edicto por una sola vez en el periódico El Porvenir, que se edita en la Entidad, convocándose a las personas que se crean con derecho a la herencia, para que acudan a deducirlo ante esta Autoridad en el término de 10-diez días a contar desde el siguiente al de la Publicación. Doy Fe. San Nicolás de los Garza, Nuevo León, a 10 de diciembre de 2025.

C. SECRETARIO DEL JUZGADO SEGUNDO DE LO FAMILIAR DEL TERCER DISTRITO JUDICIAL DEL ESTADO.
LIC. ROLANDO ISIDRO TURRUBIARTES REYNAGA
(5)
EDICTO

En fecha 21 veintiuno de noviembre de 2025 dos mil veinticinco, se admitió a trámite el expediente judicial número 1277/2025, relativo al juicio sucesorio de intestado especial a bienes de Elvia Camarillo Rodríguez y Benjamín Peña Ávalos, en el cual se ordenó la publicación de un edicto por una sola vez tanto en el Boletín Judicial, como en el Periódico El Porvenir, que se edita en la Entidad, mediante el cual se convoque a todas aquellas personas que se estimen con derecho a la herencia, a fin de que acudan a deducirlo al local de este juzgado, dentro del término de 30 treinta días contados a partir del siguiente al de la publicación del edicto ordenado. DOY FE. San Pedro Garza García, Nuevo León, a 01 de diciembre de 2025.

LICENCIADO FERMÍN CORTEZ RIVERA.
C. SECRETARIO ADSCRITO AL JUZGADO PRIMERO DE LO FAMILIAR DEL CUARTO DISTRITO JUDICIAL EN EL ESTADO
(5)
